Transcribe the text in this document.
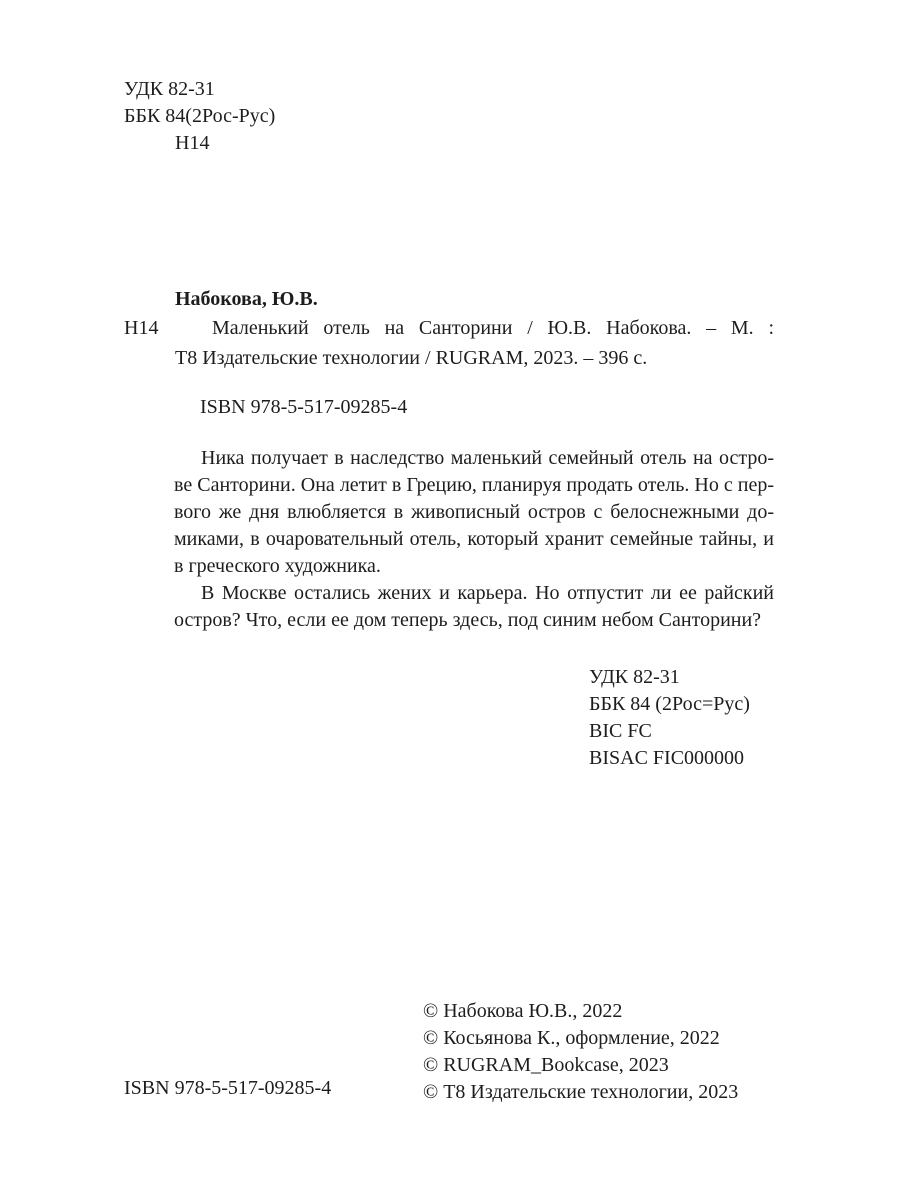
УДК 82-31
ББК 84(2Рос-Рус)
Н14
Набокова, Ю.В.
Н14	Маленький отель на Санторини / Ю.В. Набокова. – М. :
Т8 Издательские технологии / RUGRAM, 2023. – 396 с.
ISBN 978-5-517-09285-4
Ника получает в наследство маленький семейный отель на остро-
ве Санторини. Она летит в Грецию, планируя продать отель. Но с пер-
вого же дня влюбляется в живописный остров с белоснежными до-
миками, в очаровательный отель, который хранит семейные тайны, и
в греческого художника.
В Москве остались жених и карьера. Но отпустит ли ее райский
остров? Что, если ее дом теперь здесь, под синим небом Санторини?
УДК 82-31
ББК 84 (2Рос=Рус)
BIC FC
BISAC FIC000000
ISBN 978-5-517-09285-4
© Набокова Ю.В., 2022
© Косьянова К., оформление, 2022
© RUGRAM_Bookcase, 2023
© Т8 Издательские технологии, 2023
